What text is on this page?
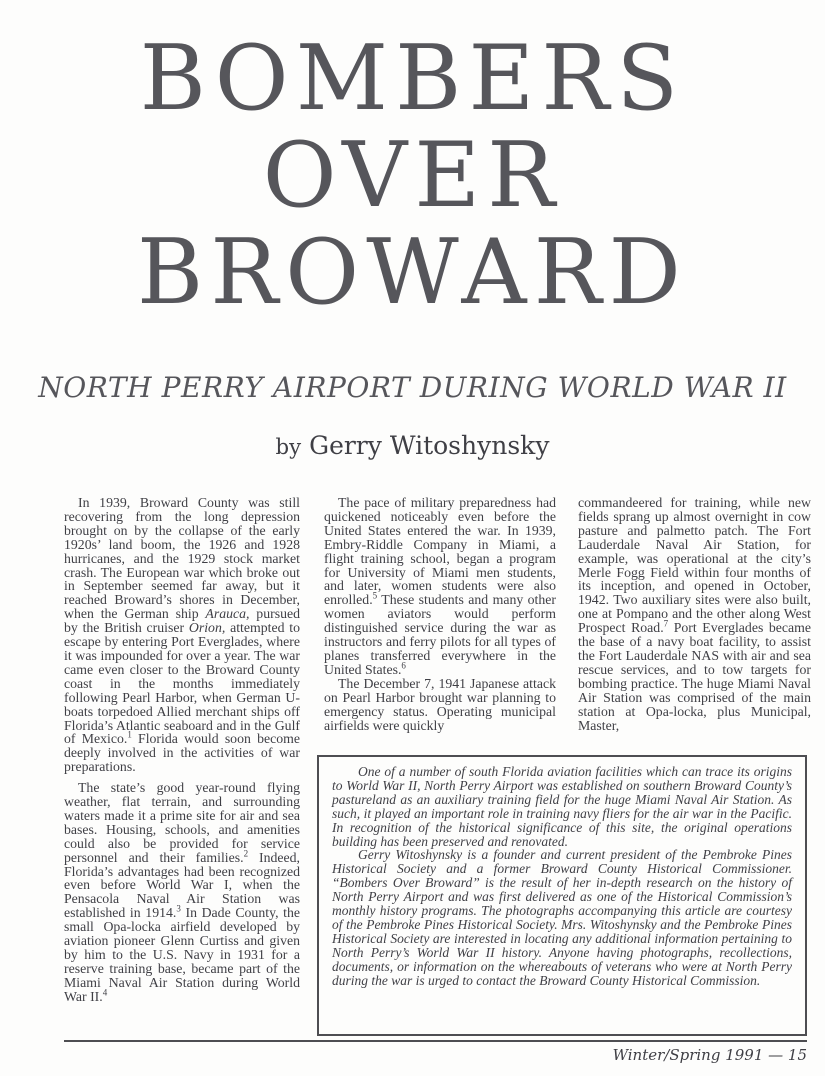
BOMBERS
OVER
BROWARD
NORTH PERRY AIRPORT DURING WORLD WAR II
by Gerry Witoshynsky

In 1939, Broward County was still recovering from the long depression brought on by the collapse of the early 1920s’ land boom, the 1926 and 1928 hurricanes, and the 1929 stock market crash. The European war which broke out in September seemed far away, but it reached Broward’s shores in December, when the German ship Arauca, pursued by the British cruiser Orion, attempted to escape by entering Port Everglades, where it was impounded for over a year. The war came even closer to the Broward County coast in the months immediately following Pearl Harbor, when German U-boats torpedoed Allied merchant ships off Florida’s Atlantic seaboard and in the Gulf of Mexico.$^1$ Florida would soon become deeply involved in the activities of war preparations.

The state’s good year-round flying weather, flat terrain, and surrounding waters made it a prime site for air and sea bases. Housing, schools, and amenities could also be provided for service personnel and their families.$^2$ Indeed, Florida’s advantages had been recognized even before World War I, when the Pensacola Naval Air Station was established in 1914.$^3$ In Dade County, the small Opa-locka airfield developed by aviation pioneer Glenn Curtiss and given by him to the U.S. Navy in 1931 for a reserve training base, became part of the Miami Naval Air Station during World War II.$^4$

The pace of military preparedness had quickened noticeably even before the United States entered the war. In 1939, Embry-Riddle Company in Miami, a flight training school, began a program for University of Miami men students, and later, women students were also enrolled.$^5$ These students and many other women aviators would perform distinguished service during the war as instructors and ferry pilots for all types of planes transferred everywhere in the United States.$^6$

The December 7, 1941 Japanese attack on Pearl Harbor brought war planning to emergency status. Operating municipal airfields were quickly

commandeered for training, while new fields sprang up almost overnight in cow pasture and palmetto patch. The Fort Lauderdale Naval Air Station, for example, was operational at the city’s Merle Fogg Field within four months of its inception, and opened in October, 1942. Two auxiliary sites were also built, one at Pompano and the other along West Prospect Road.$^7$ Port Everglades became the base of a navy boat facility, to assist the Fort Lauderdale NAS with air and sea rescue services, and to tow targets for bombing practice. The huge Miami Naval Air Station was comprised of the main station at Opa-locka, plus Municipal, Master,

One of a number of south Florida aviation facilities which can trace its origins to World War II, North Perry Airport was established on southern Broward County’s pastureland as an auxiliary training field for the huge Miami Naval Air Station. As such, it played an important role in training navy fliers for the air war in the Pacific. In recognition of the historical significance of this site, the original operations building has been preserved and renovated.

Gerry Witoshynsky is a founder and current president of the Pembroke Pines Historical Society and a former Broward County Historical Commissioner. “Bombers Over Broward” is the result of her in-depth research on the history of North Perry Airport and was first delivered as one of the Historical Commission’s monthly history programs. The photographs accompanying this article are courtesy of the Pembroke Pines Historical Society. Mrs. Witoshynsky and the Pembroke Pines Historical Society are interested in locating any additional information pertaining to North Perry’s World War II history. Anyone having photographs, recollections, documents, or information on the whereabouts of veterans who were at North Perry during the war is urged to contact the Broward County Historical Commission.

Winter/Spring 1991 — 15
